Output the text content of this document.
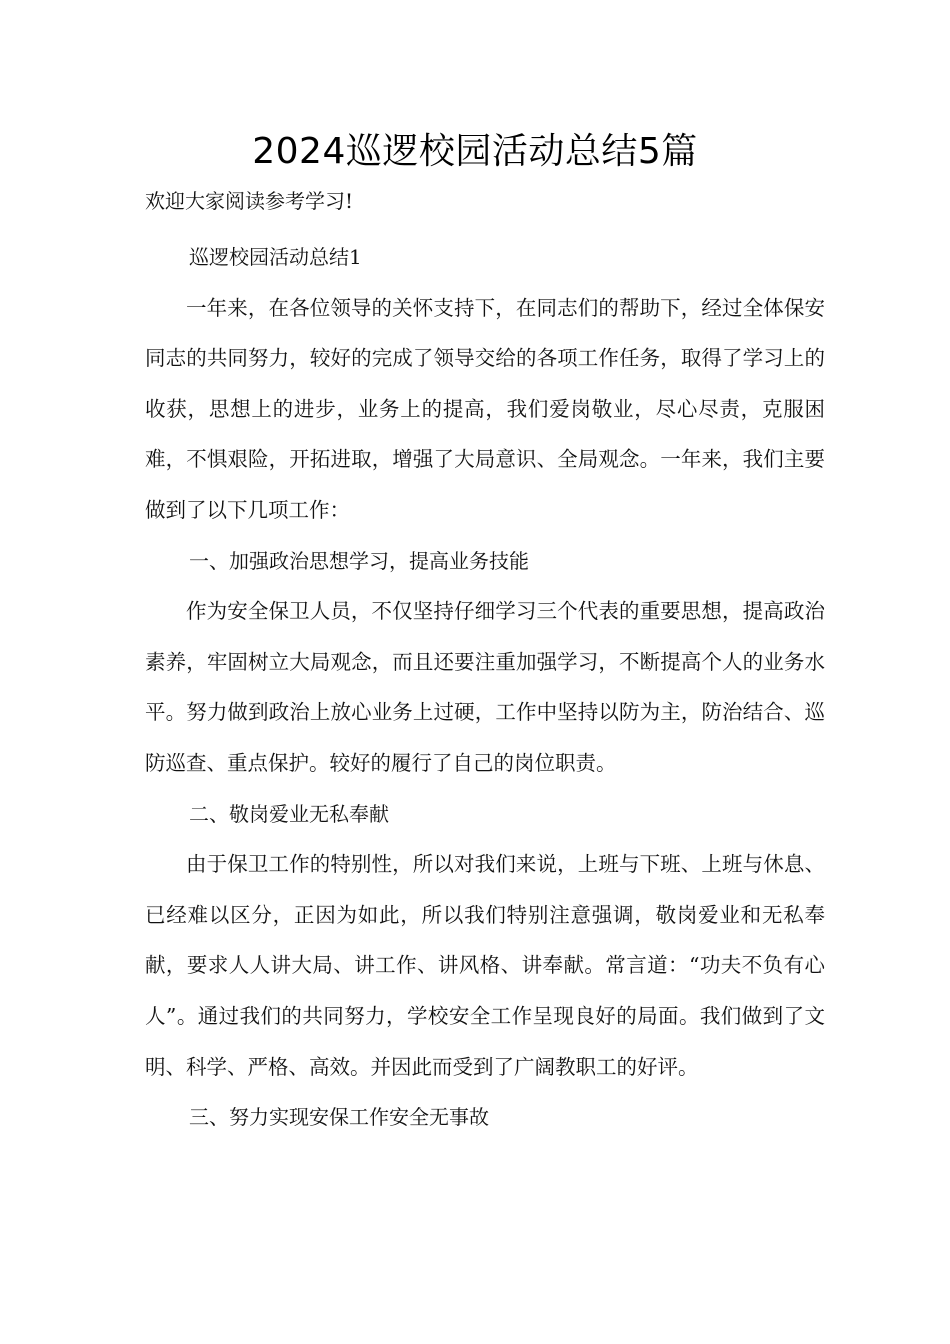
2024巡逻校园活动总结5篇
欢迎大家阅读参考学习!

巡逻校园活动总结1

一年来，在各位领导的关怀支持下，在同志们的帮助下，经过全体保安同志的共同努力，较好的完成了领导交给的各项工作任务，取得了学习上的收获，思想上的进步，业务上的提高，我们爱岗敬业，尽心尽责，克服困难，不惧艰险，开拓进取，增强了大局意识、全局观念。一年来，我们主要做到了以下几项工作：

一、加强政治思想学习，提高业务技能

作为安全保卫人员，不仅坚持仔细学习三个代表的重要思想，提高政治素养，牢固树立大局观念，而且还要注重加强学习，不断提高个人的业务水平。努力做到政治上放心业务上过硬，工作中坚持以防为主，防治结合、巡防巡查、重点保护。较好的履行了自己的岗位职责。

二、敬岗爱业无私奉献

由于保卫工作的特别性，所以对我们来说，上班与下班、上班与休息、已经难以区分，正因为如此，所以我们特别注意强调，敬岗爱业和无私奉献，要求人人讲大局、讲工作、讲风格、讲奉献。常言道：“功夫不负有心人”。通过我们的共同努力，学校安全工作呈现良好的局面。我们做到了文明、科学、严格、高效。并因此而受到了广阔教职工的好评。

三、努力实现安保工作安全无事故
